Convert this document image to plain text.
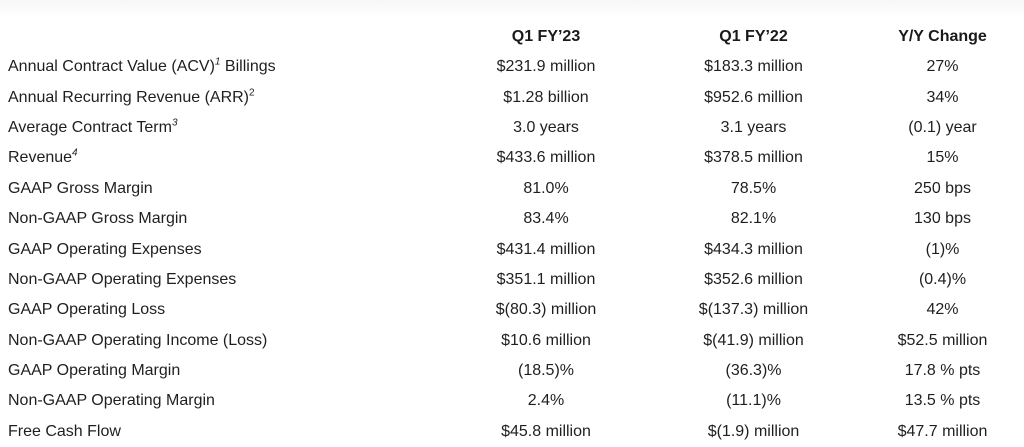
	Q1 FY’23	Q1 FY’22	Y/Y Change
Annual Contract Value (ACV)$^1$ Billings	$231.9 million	$183.3 million	27%
Annual Recurring Revenue (ARR)$^2$	$1.28 billion	$952.6 million	34%
Average Contract Term$^3$	3.0 years	3.1 years	(0.1) year
Revenue$^4$	$433.6 million	$378.5 million	15%
GAAP Gross Margin	81.0%	78.5%	250 bps
Non-GAAP Gross Margin	83.4%	82.1%	130 bps
GAAP Operating Expenses	$431.4 million	$434.3 million	(1)%
Non-GAAP Operating Expenses	$351.1 million	$352.6 million	(0.4)%
GAAP Operating Loss	$(80.3) million	$(137.3) million	42%
Non-GAAP Operating Income (Loss)	$10.6 million	$(41.9) million	$52.5 million
GAAP Operating Margin	(18.5)%	(36.3)%	17.8 % pts
Non-GAAP Operating Margin	2.4%	(11.1)%	13.5 % pts
Free Cash Flow	$45.8 million	$(1.9) million	$47.7 million
